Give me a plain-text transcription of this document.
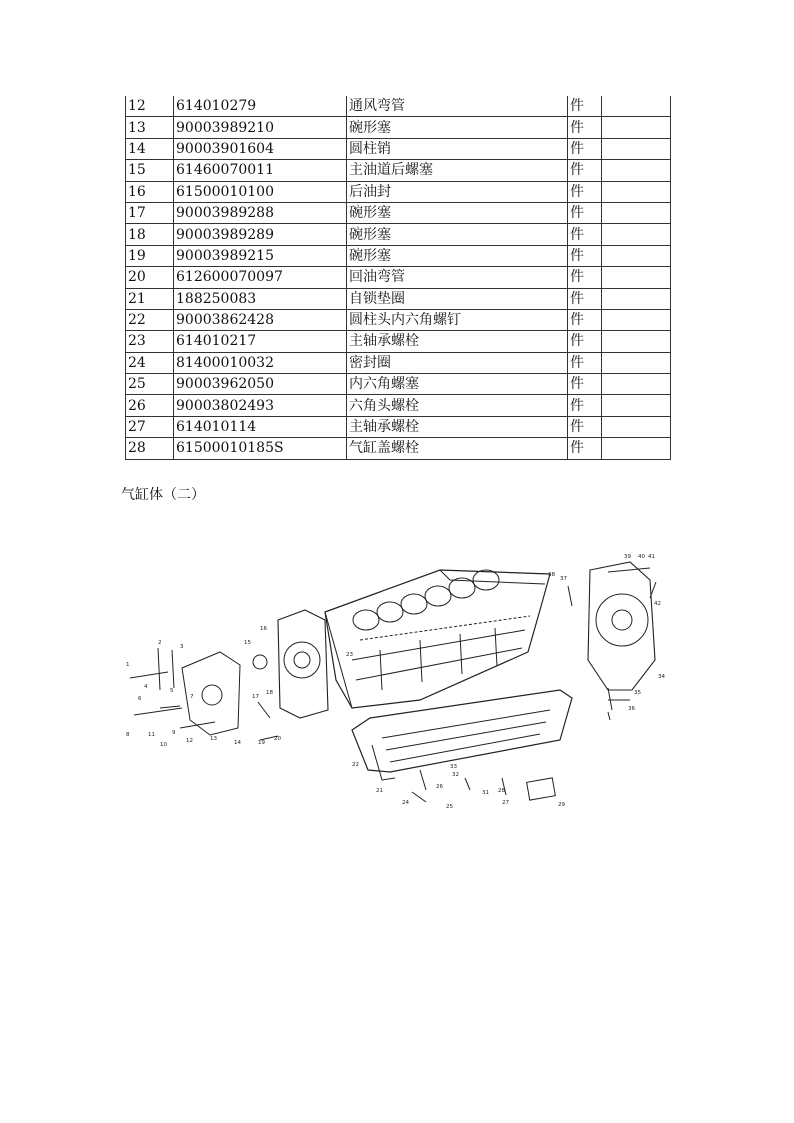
12	614010279	通风弯管	件	
13	90003989210	碗形塞	件	
14	90003901604	圆柱销	件	
15	61460070011	主油道后螺塞	件	
16	61500010100	后油封	件	
17	90003989288	碗形塞	件	
18	90003989289	碗形塞	件	
19	90003989215	碗形塞	件	
20	612600070097	回油弯管	件	
21	188250083	自锁垫圈	件	
22	90003862428	圆柱头内六角螺钉	件	
23	614010217	主轴承螺栓	件	
24	81400010032	密封圈	件	
25	90003962050	内六角螺塞	件	
26	90003802493	六角头螺栓	件	
27	614010114	主轴承螺栓	件	
28	61500010185S	气缸盖螺栓	件	
气缸体（二）
1
2
3
4
5
6	7
8	9
10
11
12	13
14
15
16
17
18
19
20
21
22
23
24
25
26
27
28
29
31
32
33
34
35
36
37
38
39 40 41
42
